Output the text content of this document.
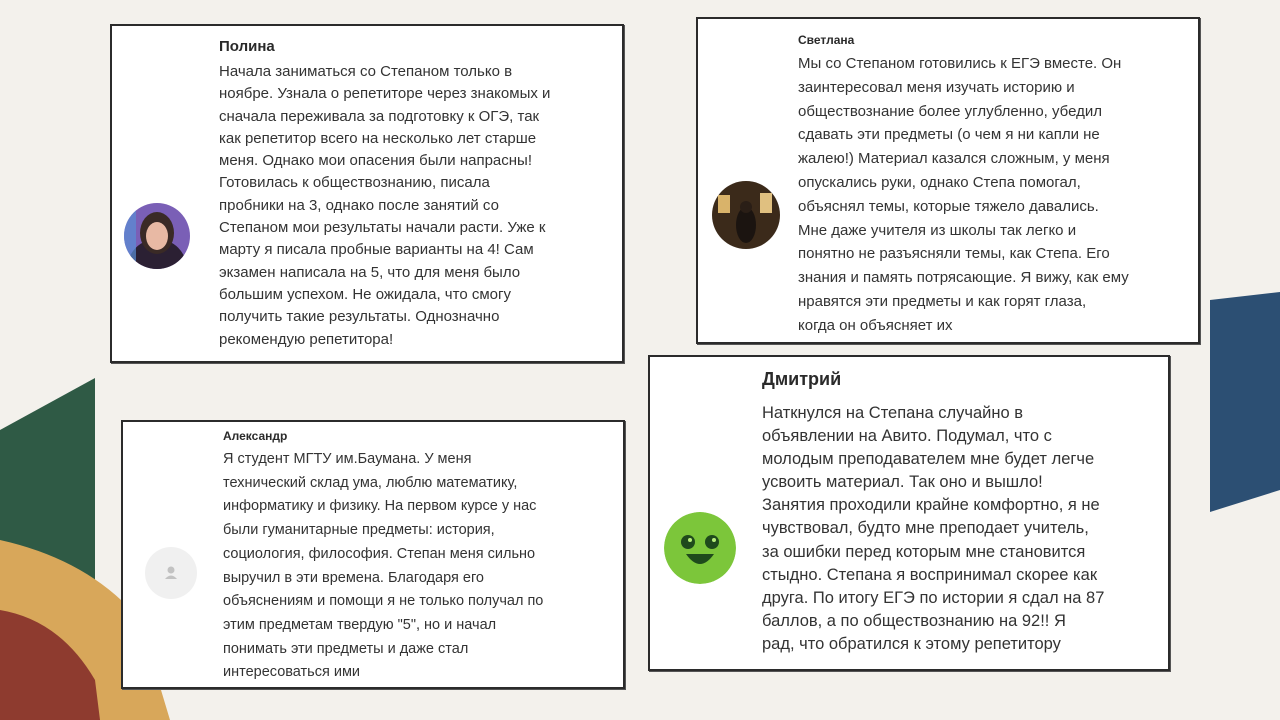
Полина
Начала заниматься со Степаном только в
ноябре. Узнала о репетиторе через знакомых и
сначала переживала за подготовку к ОГЭ, так
как репетитор всего на несколько лет старше
меня. Однако мои опасения были напрасны!
Готовилась к обществознанию, писала
пробники на 3, однако после занятий со
Степаном мои результаты начали расти. Уже к
марту я писала пробные варианты на 4! Сам
экзамен написала на 5, что для меня было
большим успехом. Не ожидала, что смогу
получить такие результаты. Однозначно
рекомендую репетитора!
Светлана
Мы со Степаном готовились к ЕГЭ вместе. Он
заинтересовал меня изучать историю и
обществознание более углубленно, убедил
сдавать эти предметы (о чем я ни капли не
жалею!) Материал казался сложным, у меня
опускались руки, однако Степа помогал,
объяснял темы, которые тяжело давались.
Мне даже учителя из школы так легко и
понятно не разъясняли темы, как Степа. Его
знания и память потрясающие. Я вижу, как ему
нравятся эти предметы и как горят глаза,
когда он объясняет их
Александр
Я студент МГТУ им.Баумана. У меня
технический склад ума, люблю математику,
информатику и физику. На первом курсе у нас
были гуманитарные предметы: история,
социология, философия. Степан меня сильно
выручил в эти времена. Благодаря его
объяснениям и помощи я не только получал по
этим предметам твердую "5", но и начал
понимать эти предметы и даже стал
интересоваться ими
Дмитрий
Наткнулся на Степана случайно в
объявлении на Авито. Подумал, что с
молодым преподавателем мне будет легче
усвоить материал. Так оно и вышло!
Занятия проходили крайне комфортно, я не
чувствовал, будто мне преподает учитель,
за ошибки перед которым мне становится
стыдно. Степана я воспринимал скорее как
друга. По итогу ЕГЭ по истории я сдал на 87
баллов, а по обществознанию на 92!! Я
рад, что обратился к этому репетитору
